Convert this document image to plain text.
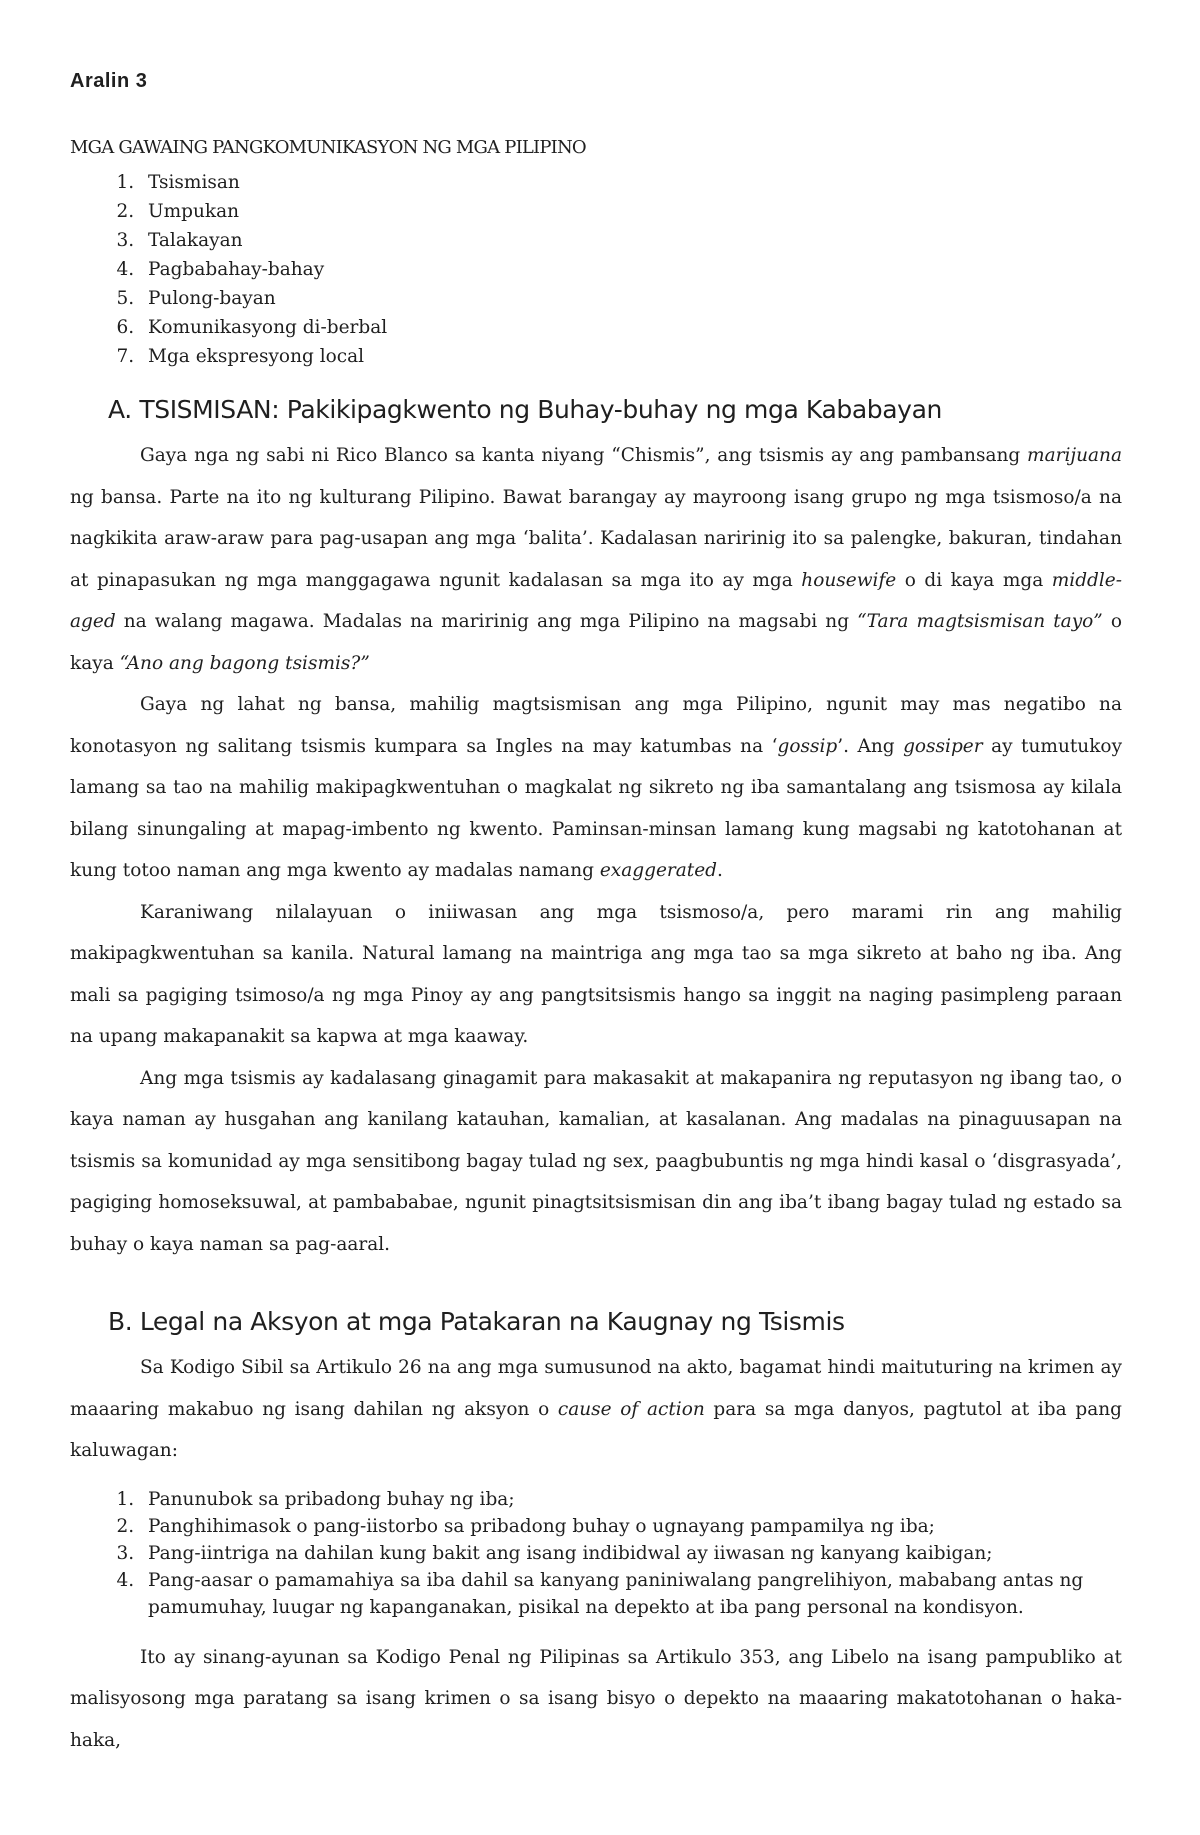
Aralin 3
MGA GAWAING PANGKOMUNIKASYON NG MGA PILIPINO
1. Tsismisan
2. Umpukan
3. Talakayan
4. Pagbabahay-bahay
5. Pulong-bayan
6. Komunikasyong di-berbal
7. Mga ekspresyong local
A. TSISMISAN: Pakikipagkwento ng Buhay-buhay ng mga Kababayan

Gaya nga ng sabi ni Rico Blanco sa kanta niyang “Chismis”, ang tsismis ay ang pambansang marijuana ng bansa. Parte na ito ng kulturang Pilipino. Bawat barangay ay mayroong isang grupo ng mga tsismoso/a na nagkikita araw-araw para pag-usapan ang mga ‘balita’. Kadalasan naririnig ito sa palengke, bakuran, tindahan at pinapasukan ng mga manggagawa ngunit kadalasan sa mga ito ay mga housewife o di kaya mga middle-aged na walang magawa. Madalas na maririnig ang mga Pilipino na magsabi ng “Tara magtsismisan tayo” o kaya “Ano ang bagong tsismis?”

Gaya ng lahat ng bansa, mahilig magtsismisan ang mga Pilipino, ngunit may mas negatibo na konotasyon ng salitang tsismis kumpara sa Ingles na may katumbas na ‘gossip’. Ang gossiper ay tumutukoy lamang sa tao na mahilig makipagkwentuhan o magkalat ng sikreto ng iba samantalang ang tsismosa ay kilala bilang sinungaling at mapag-imbento ng kwento. Paminsan-minsan lamang kung magsabi ng katotohanan at kung totoo naman ang mga kwento ay madalas namang exaggerated.

Karaniwang nilalayuan o iniiwasan ang mga tsismoso/a, pero marami rin ang mahilig makipagkwentuhan sa kanila. Natural lamang na maintriga ang mga tao sa mga sikreto at baho ng iba. Ang mali sa pagiging tsimoso/a ng mga Pinoy ay ang pangtsitsismis hango sa inggit na naging pasimpleng paraan na upang makapanakit sa kapwa at mga kaaway.

Ang mga tsismis ay kadalasang ginagamit para makasakit at makapanira ng reputasyon ng ibang tao, o kaya naman ay husgahan ang kanilang katauhan, kamalian, at kasalanan. Ang madalas na pinaguusapan na tsismis sa komunidad ay mga sensitibong bagay tulad ng sex, paagbubuntis ng mga hindi kasal o ‘disgrasyada’, pagiging homoseksuwal, at pambababae, ngunit pinagtsitsismisan din ang iba’t ibang bagay tulad ng estado sa buhay o kaya naman sa pag-aaral.

B. Legal na Aksyon at mga Patakaran na Kaugnay ng Tsismis

Sa Kodigo Sibil sa Artikulo 26 na ang mga sumusunod na akto, bagamat hindi maituturing na krimen ay maaaring makabuo ng isang dahilan ng aksyon o cause of action para sa mga danyos, pagtutol at iba pang kaluwagan:

1. Panunubok sa pribadong buhay ng iba;
2. Panghihimasok o pang-iistorbo sa pribadong buhay o ugnayang pampamilya ng iba;
3. Pang-iintriga na dahilan kung bakit ang isang indibidwal ay iiwasan ng kanyang kaibigan;
4. Pang-aasar o pamamahiya sa iba dahil sa kanyang paniniwalang pangrelihiyon, mababang antas ng pamumuhay, luugar ng kapanganakan, pisikal na depekto at iba pang personal na kondisyon.

Ito ay sinang-ayunan sa Kodigo Penal ng Pilipinas sa Artikulo 353, ang Libelo na isang pampubliko at malisyosong mga paratang sa isang krimen o sa isang bisyo o depekto na maaaring makatotohanan o haka-haka,
